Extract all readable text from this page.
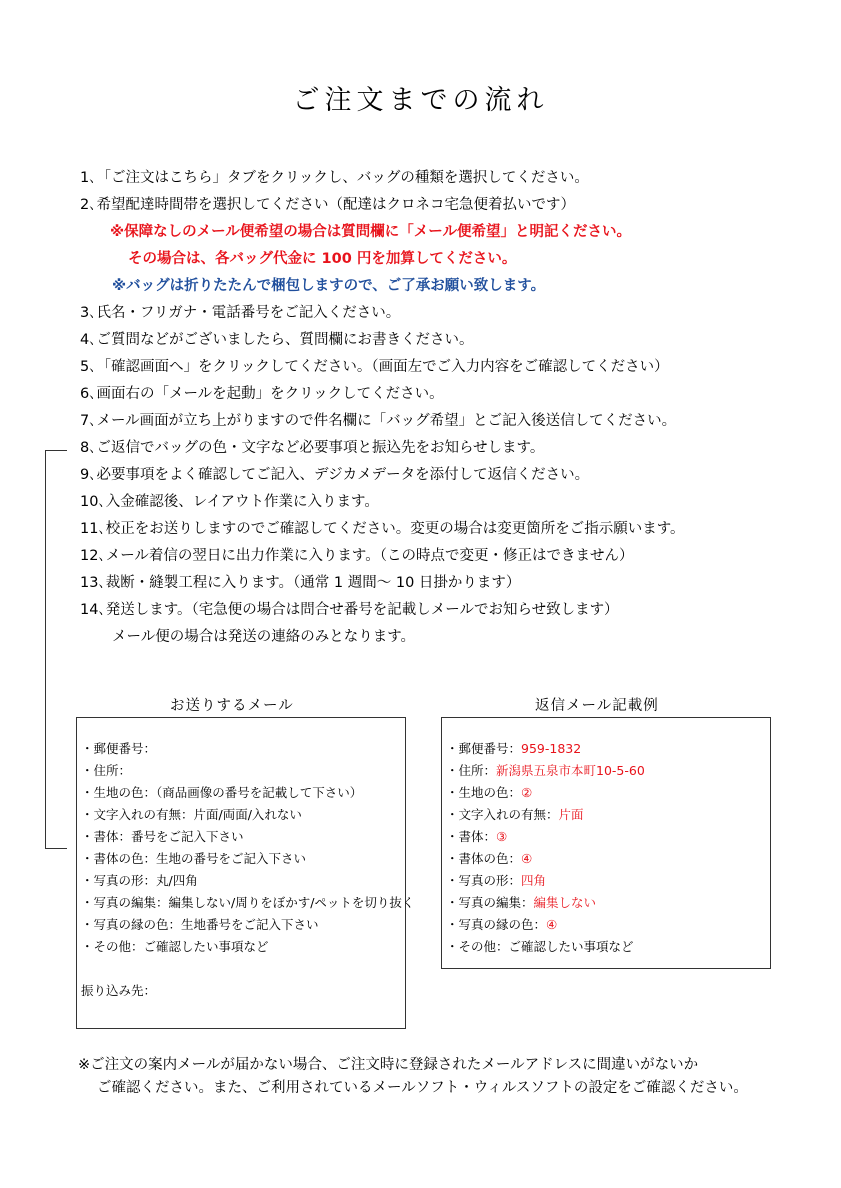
ご注文までの流れ
1､「ご注文はこちら」タブをクリックし、バッグの種類を選択してください。
2､希望配達時間帯を選択してください（配達はクロネコ宅急便着払いです）
※保障なしのメール便希望の場合は質問欄に「メール便希望」と明記ください。
その場合は、各バッグ代金に 100 円を加算してください。
※バッグは折りたたんで梱包しますので、ご了承お願い致します。
3､氏名・フリガナ・電話番号をご記入ください。
4､ご質問などがございましたら、質問欄にお書きください。
5､「確認画面へ」をクリックしてください。（画面左でご入力内容をご確認してください）
6､画面右の「メールを起動」をクリックしてください。
7､メール画面が立ち上がりますので件名欄に「バッグ希望」とご記入後送信してください。
8､ご返信でバッグの色・文字など必要事項と振込先をお知らせします。
9､必要事項をよく確認してご記入、デジカメデータを添付して返信ください。
10､入金確認後、レイアウト作業に入ります。
11､校正をお送りしますのでご確認してください。変更の場合は変更箇所をご指示願います。
12､メール着信の翌日に出力作業に入ります。（この時点で変更・修正はできません）
13､裁断・縫製工程に入ります。（通常 1 週間～ 10 日掛かります）
14､発送します。（宅急便の場合は問合せ番号を記載しメールでお知らせ致します）
メール便の場合は発送の連絡のみとなります。
お送りするメール
・郵便番号：
・住所：
・生地の色：（商品画像の番号を記載して下さい）
・文字入れの有無：片面/両面/入れない
・書体：番号をご記入下さい
・書体の色：生地の番号をご記入下さい
・写真の形：丸/四角
・写真の編集：編集しない/周りをぼかす/ペットを切り抜く
・写真の縁の色：生地番号をご記入下さい
・その他：ご確認したい事項など
振り込み先：
返信メール記載例
・郵便番号：959-1832
・住所：新潟県五泉市本町10-5-60
・生地の色：②
・文字入れの有無：片面
・書体：③
・書体の色：④
・写真の形：四角
・写真の編集：編集しない
・写真の縁の色：④
・その他：ご確認したい事項など
※ご注文の案内メールが届かない場合、ご注文時に登録されたメールアドレスに間違いがないか
ご確認ください。また、ご利用されているメールソフト・ウィルスソフトの設定をご確認ください。
